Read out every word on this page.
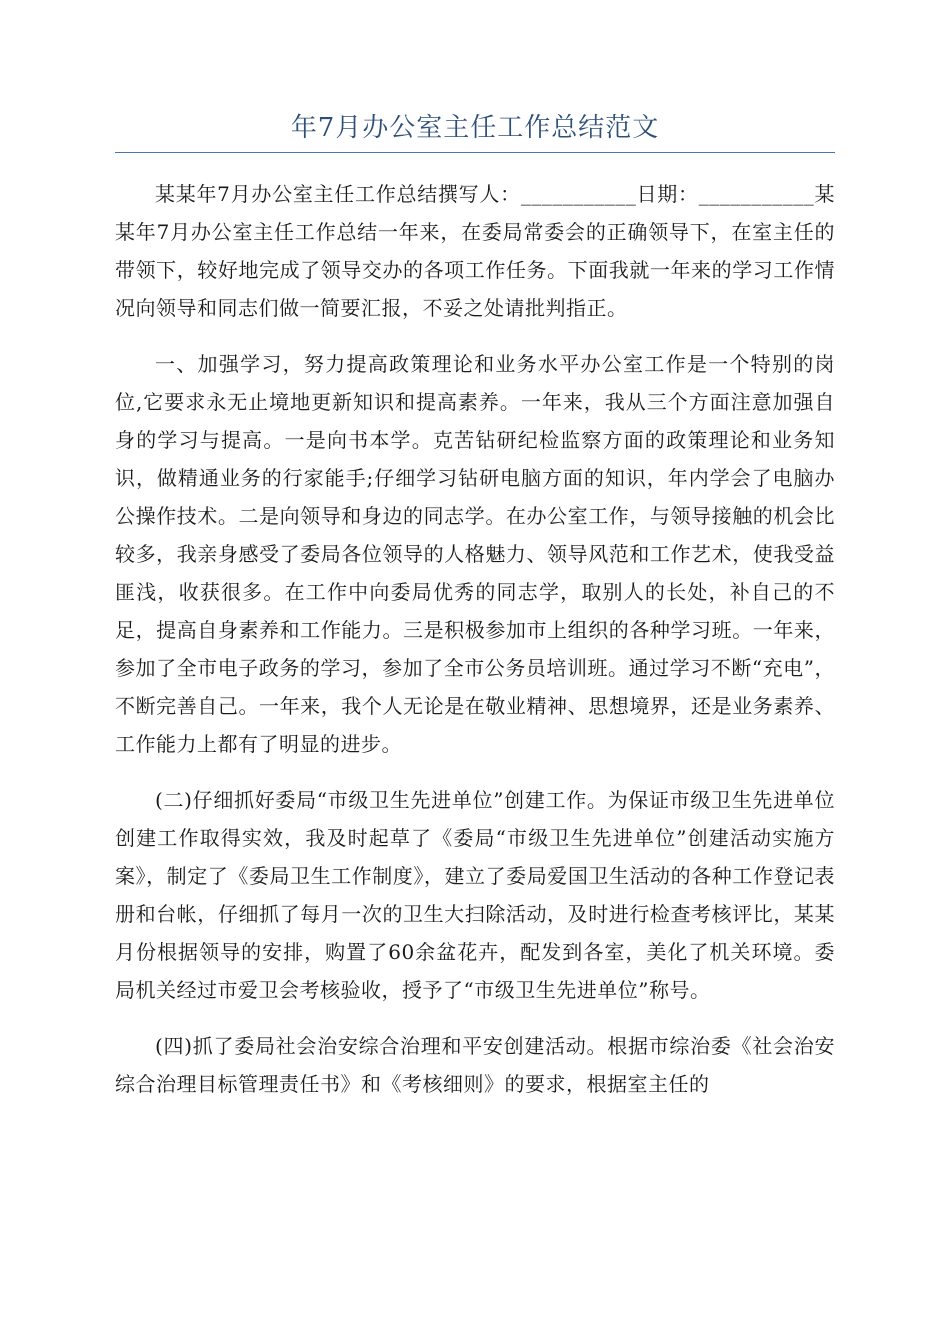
年7月办公室主任工作总结范文

某某年7月办公室主任工作总结撰写人：___________日期：___________某某年7月办公室主任工作总结一年来，在委局常委会的正确领导下，在室主任的带领下，较好地完成了领导交办的各项工作任务。下面我就一年来的学习工作情况向领导和同志们做一简要汇报，不妥之处请批判指正。

一、加强学习，努力提高政策理论和业务水平办公室工作是一个特别的岗位,它要求永无止境地更新知识和提高素养。一年来，我从三个方面注意加强自身的学习与提高。一是向书本学。克苦钻研纪检监察方面的政策理论和业务知识，做精通业务的行家能手;仔细学习钻研电脑方面的知识，年内学会了电脑办公操作技术。二是向领导和身边的同志学。在办公室工作，与领导接触的机会比较多，我亲身感受了委局各位领导的人格魅力、领导风范和工作艺术，使我受益匪浅，收获很多。在工作中向委局优秀的同志学，取别人的长处，补自己的不足，提高自身素养和工作能力。三是积极参加市上组织的各种学习班。一年来，参加了全市电子政务的学习，参加了全市公务员培训班。通过学习不断“充电”，不断完善自己。一年来，我个人无论是在敬业精神、思想境界，还是业务素养、工作能力上都有了明显的进步。

(二)仔细抓好委局“市级卫生先进单位”创建工作。为保证市级卫生先进单位创建工作取得实效，我及时起草了《委局“市级卫生先进单位”创建活动实施方案》，制定了《委局卫生工作制度》，建立了委局爱国卫生活动的各种工作登记表册和台帐，仔细抓了每月一次的卫生大扫除活动，及时进行检查考核评比，某某月份根据领导的安排，购置了60余盆花卉，配发到各室，美化了机关环境。委局机关经过市爱卫会考核验收，授予了“市级卫生先进单位”称号。

(四)抓了委局社会治安综合治理和平安创建活动。根据市综治委《社会治安综合治理目标管理责任书》和《考核细则》的要求，根据室主任的
